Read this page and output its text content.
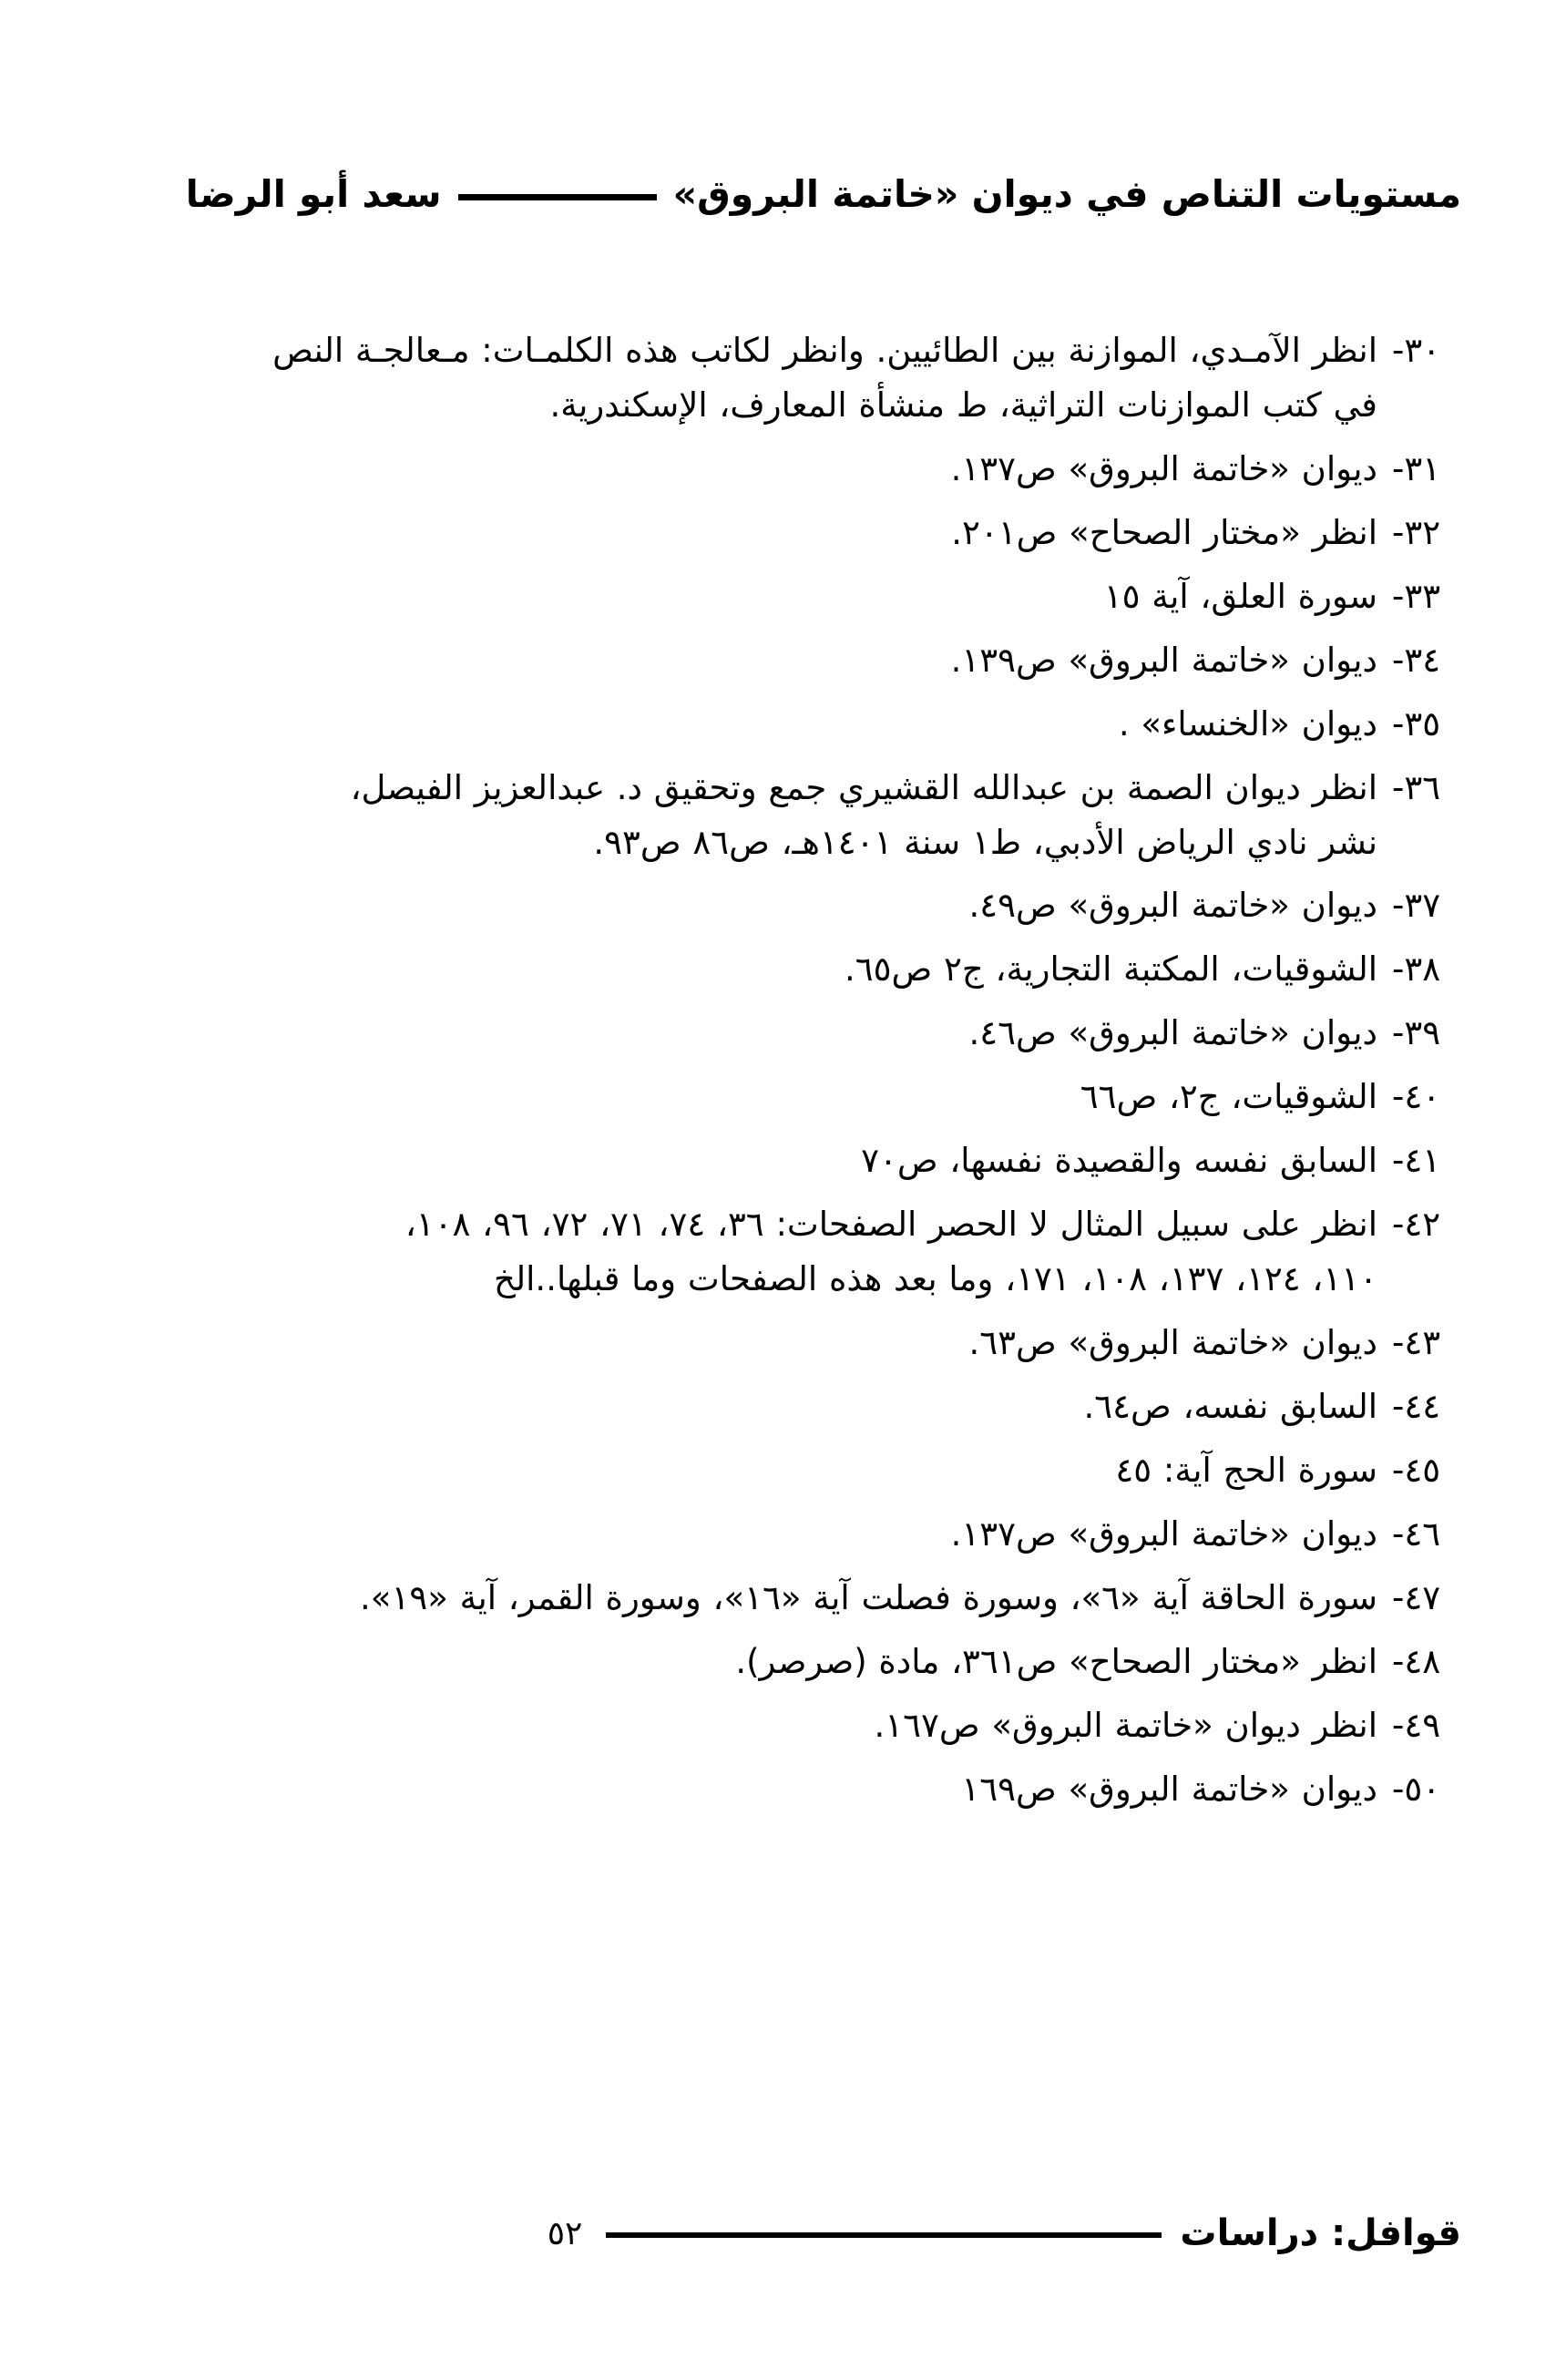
مستويات التناص في ديوان «خاتمة البروق»
سعد أبو الرضا
٣٠-
انظر الآمـدي، الموازنة بين الطائيين. وانظر لكاتب هذه الكلمـات: مـعالجـة النص
في كتب الموازنات التراثية، ط منشأة المعارف، الإسكندرية.
٣١-
ديوان «خاتمة البروق» ص١٣٧.
٣٢-
انظر «مختار الصحاح» ص٢٠١.
٣٣-
سورة العلق، آية ١٥
٣٤-
ديوان «خاتمة البروق» ص١٣٩.
٣٥-
ديوان «الخنساء» .
٣٦-
انظر ديوان الصمة بن عبدالله القشيري جمع وتحقيق د. عبدالعزيز الفيصل،
نشر نادي الرياض الأدبي، ط١ سنة ١٤٠١هـ، ص٨٦ ص٩٣.
٣٧-
ديوان «خاتمة البروق» ص٤٩.
٣٨-
الشوقيات، المكتبة التجارية، ج٢ ص٦٥.
٣٩-
ديوان «خاتمة البروق» ص٤٦.
٤٠-
الشوقيات، ج٢، ص٦٦
٤١-
السابق نفسه والقصيدة نفسها، ص٧٠
٤٢-
انظر على سبيل المثال لا الحصر الصفحات: ٣٦، ٧٤، ٧١، ٧٢، ٩٦، ١٠٨،
١١٠، ١٢٤، ١٣٧، ١٠٨، ١٧١، وما بعد هذه الصفحات وما قبلها..الخ
٤٣-
ديوان «خاتمة البروق» ص٦٣.
٤٤-
السابق نفسه، ص٦٤.
٤٥-
سورة الحج آية: ٤٥
٤٦-
ديوان «خاتمة البروق» ص١٣٧.
٤٧-
سورة الحاقة آية «٦»، وسورة فصلت آية «١٦»، وسورة القمر، آية «١٩».
٤٨-
انظر «مختار الصحاح» ص٣٦١، مادة (صرصر).
٤٩-
انظر ديوان «خاتمة البروق» ص١٦٧.
٥٠-
ديوان «خاتمة البروق» ص١٦٩
قوافل: دراسات
٥٢
